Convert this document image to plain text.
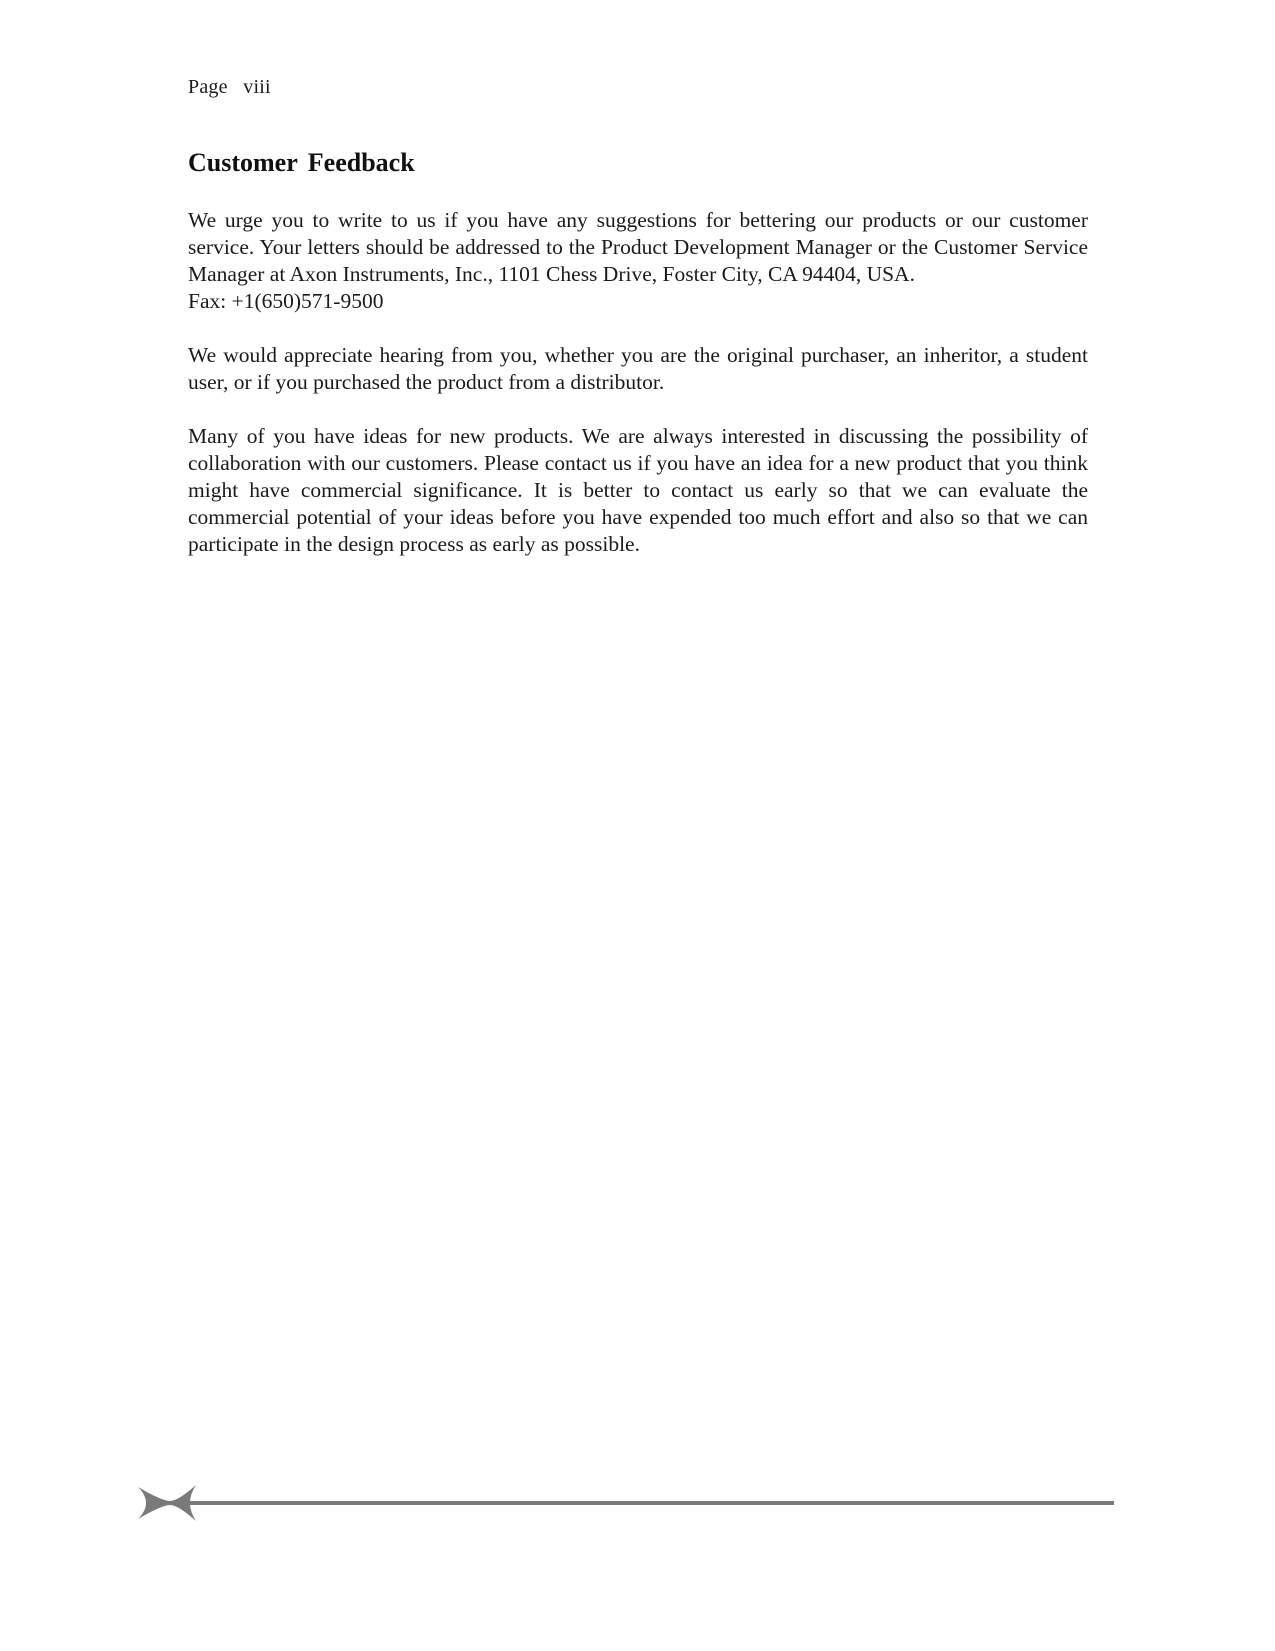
Page   viii
Customer Feedback

We urge you to write to us if you have any suggestions for bettering our products or our customer service. Your letters should be addressed to the Product Development Manager or the Customer Service Manager at Axon Instruments, Inc., 1101 Chess Drive, Foster City, CA 94404, USA.
Fax: +1(650)571-9500

We would appreciate hearing from you, whether you are the original purchaser, an inheritor, a student user, or if you purchased the product from a distributor.

Many of you have ideas for new products. We are always interested in discussing the possibility of collaboration with our customers. Please contact us if you have an idea for a new product that you think might have commercial significance. It is better to contact us early so that we can evaluate the commercial potential of your ideas before you have expended too much effort and also so that we can participate in the design process as early as possible.
